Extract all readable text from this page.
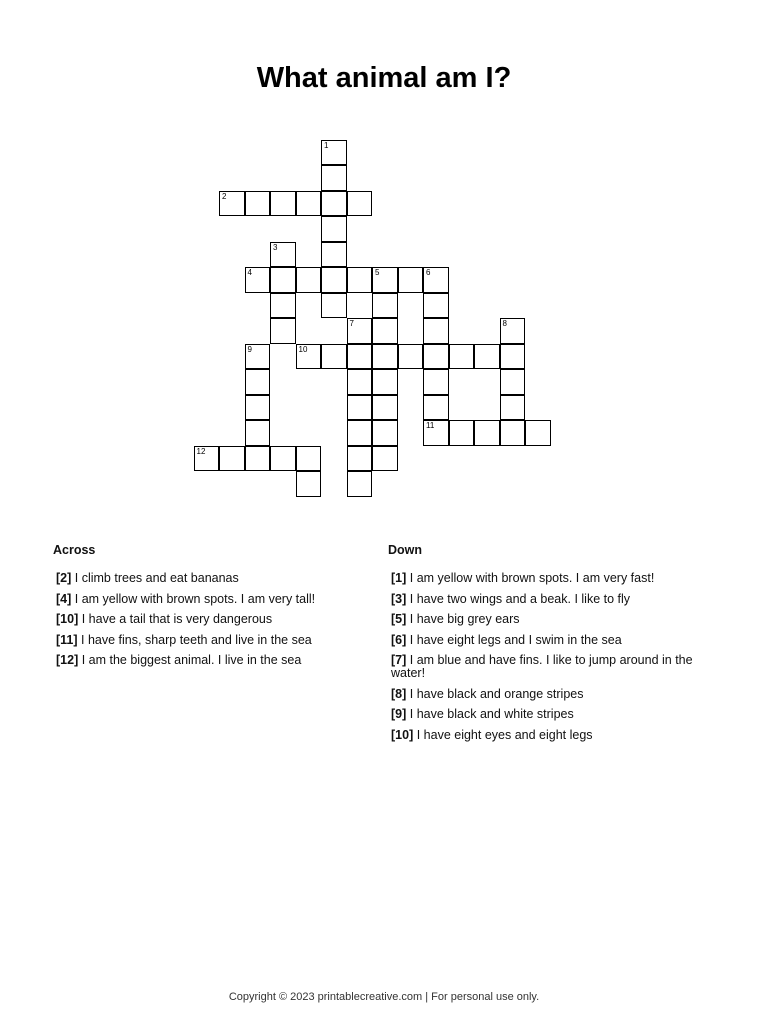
What animal am I?
1
2
3
4	5	6
11
7	8
9	10
12
Across
[2] I climb trees and eat bananas
[4] I am yellow with brown spots. I am very tall!
[10] I have a tail that is very dangerous
[11] I have fins, sharp teeth and live in the sea
[12] I am the biggest animal. I live in the sea
Down
[1] I am yellow with brown spots. I am very fast!
[3] I have two wings and a beak. I like to fly
[5] I have big grey ears
[6] I have eight legs and I swim in the sea
[7] I am blue and have fins. I like to jump around in the water!
[8] I have black and orange stripes
[9] I have black and white stripes
[10] I have eight eyes and eight legs
Copyright © 2023 printablecreative.com | For personal use only.
